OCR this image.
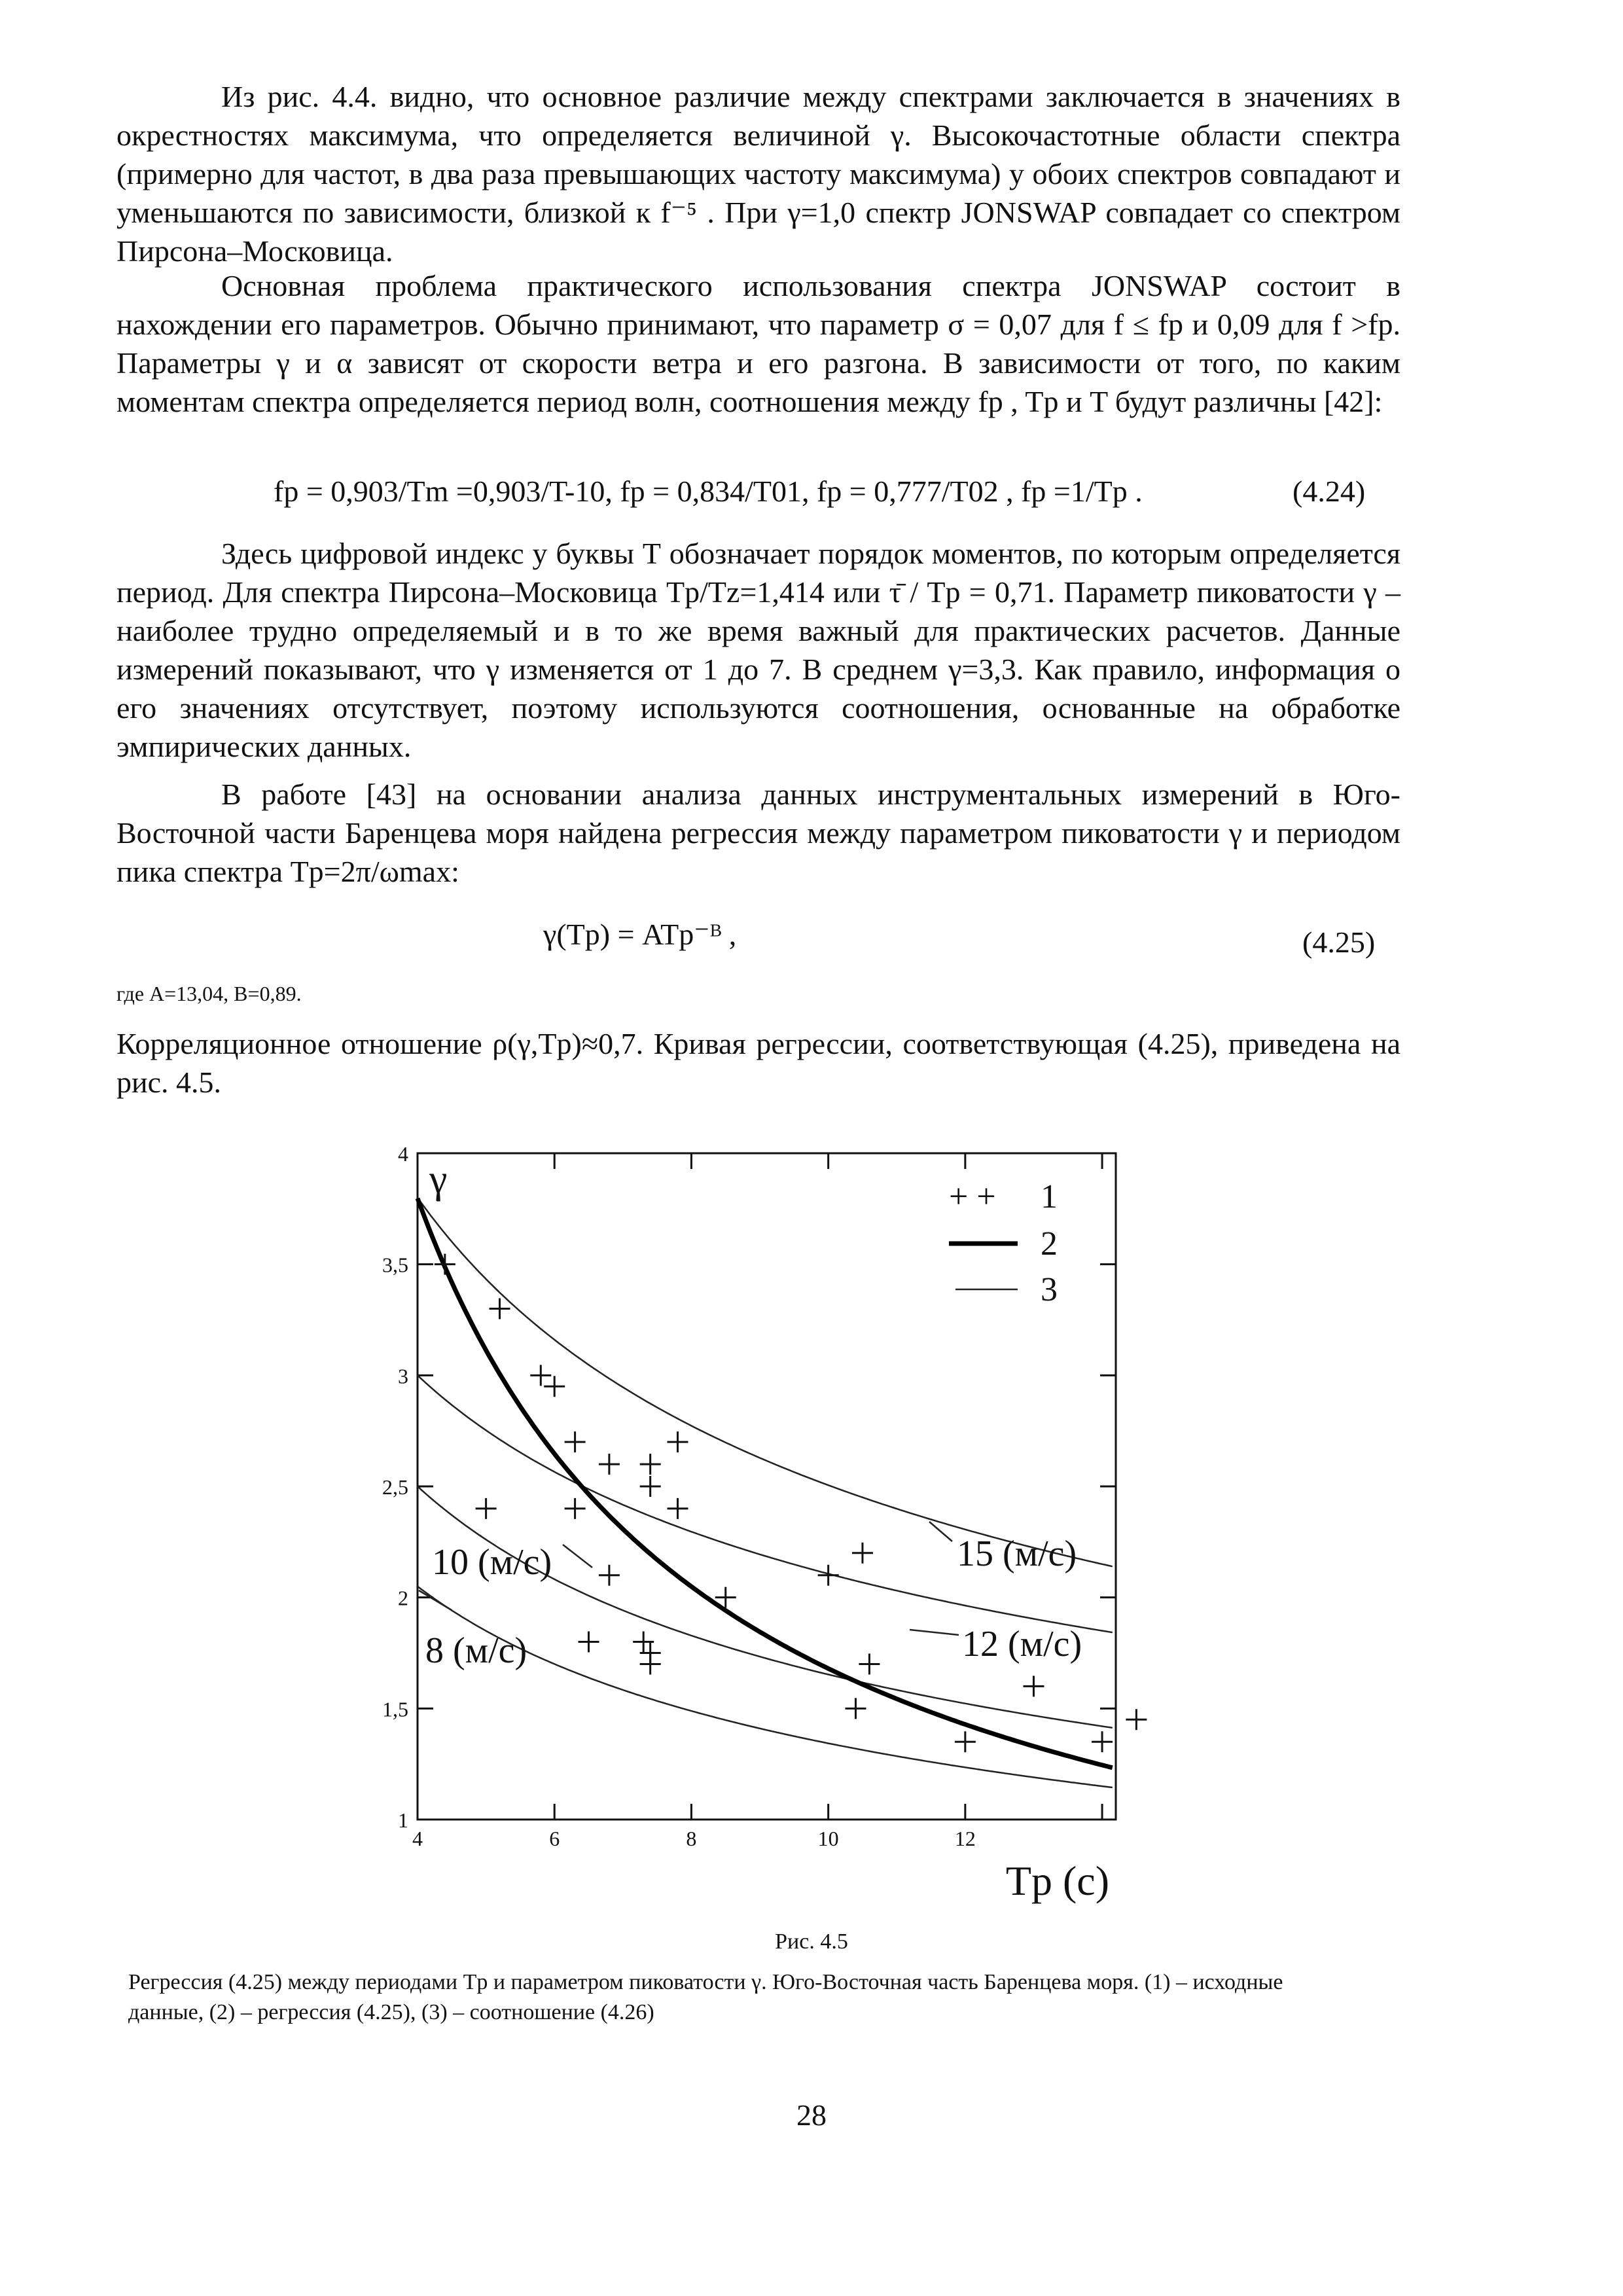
Из рис. 4.4. видно, что основное различие между спектрами заключается в значениях в окрестностях максимума, что определяется величиной γ. Высокочастотные области спектра (примерно для частот, в два раза превышающих частоту максимума) у обоих спектров совпадают и уменьшаются по зависимости, близкой к f⁻⁵ . При γ=1,0 спектр JONSWAP совпадает со спектром Пирсона–Московица.

Основная проблема практического использования спектра JONSWAP состоит в нахождении его параметров. Обычно принимают, что параметр σ = 0,07 для f ≤ fp и 0,09 для f >fp. Параметры γ и α зависят от скорости ветра и его разгона. В зависимости от того, по каким моментам спектра определяется период волн, соотношения между fp , Tp и T будут различны [42]:

fp = 0,903/Tm =0,903/T-10, fp = 0,834/T01, fp = 0,777/T02 , fp =1/Tp .	(4.24)

Здесь цифровой индекс у буквы Т обозначает порядок моментов, по которым определяется период. Для спектра Пирсона–Московица Tp/Tz=1,414 или τ̄ / Tp = 0,71. Параметр пиковатости γ – наиболее трудно определяемый и в то же время важный для практических расчетов. Данные измерений показывают, что γ изменяется от 1 до 7. В среднем γ=3,3. Как правило, информация о его значениях отсутствует, поэтому используются соотношения, основанные на обработке эмпирических данных.

В работе [43] на основании анализа данных инструментальных измерений в Юго-Восточной части Баренцева моря найдена регрессия между параметром пиковатости γ и периодом пика спектра Tp=2π/ωmax:

γ(Tp) = ATp⁻ᴮ ,	(4.25)
где A=13,04, B=0,89.

Корреляционное отношение ρ(γ,Tp)≈0,7. Кривая регрессии, соответствующая (4.25), приведена на рис. 4.5.

4	6	8	10	12
1
1,5
2
2,5
3
3,5
4
γ
Tp (c)
15 (м/с)
12 (м/с)
10 (м/с)
8 (м/с)
+ + 1
2
3
Рис. 4.5
Регрессия (4.25) между периодами Tp и параметром пиковатости γ. Юго-Восточная часть Баренцева моря. (1) – исходные данные, (2) – регрессия (4.25), (3) – соотношение (4.26)
28
